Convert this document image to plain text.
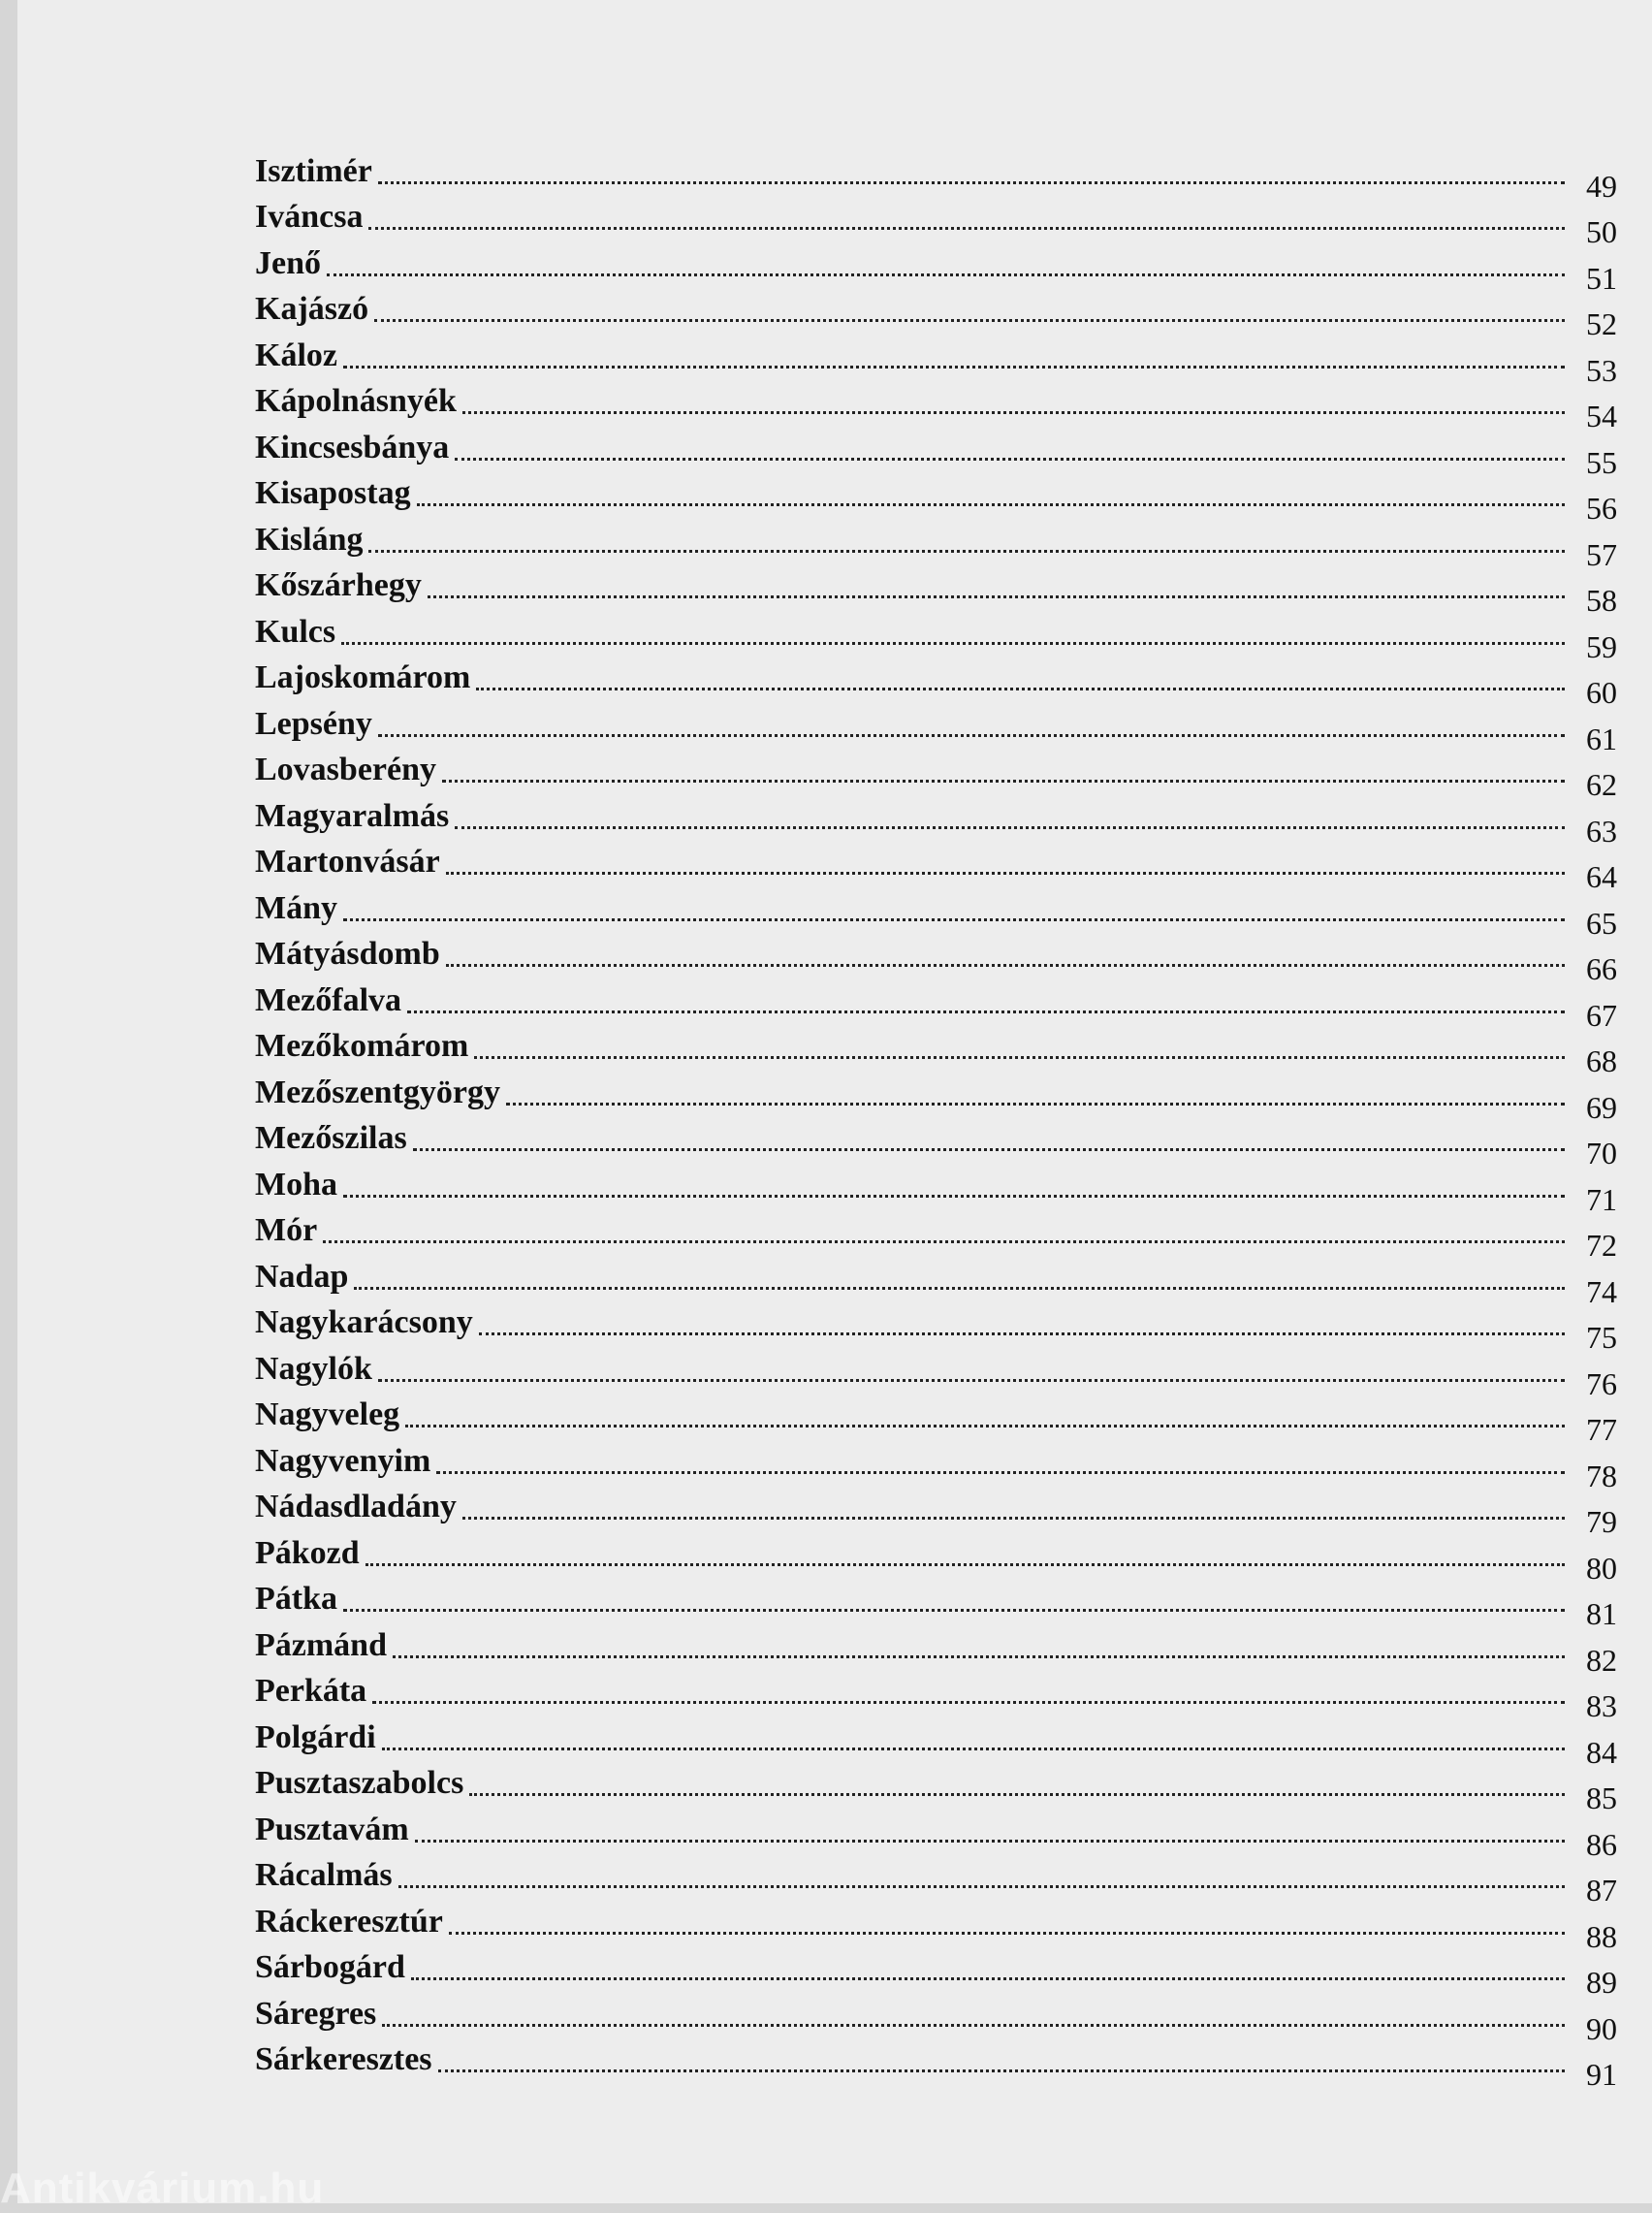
Isztimér	49
Iváncsa	50
Jenő	51
Kajászó	52
Káloz	53
Kápolnásnyék	54
Kincsesbánya	55
Kisapostag	56
Kisláng	57
Kőszárhegy	58
Kulcs	59
Lajoskomárom	60
Lepsény	61
Lovasberény	62
Magyaralmás	63
Martonvásár	64
Mány	65
Mátyásdomb	66
Mezőfalva	67
Mezőkomárom	68
Mezőszentgyörgy	69
Mezőszilas	70
Moha	71
Mór	72
Nadap	74
Nagykarácsony	75
Nagylók	76
Nagyveleg	77
Nagyvenyim	78
Nádasdladány	79
Pákozd	80
Pátka	81
Pázmánd	82
Perkáta	83
Polgárdi	84
Pusztaszabolcs	85
Pusztavám	86
Rácalmás	87
Ráckeresztúr	88
Sárbogárd	89
Sáregres	90
Sárkeresztes	91
Antikvárium.hu
